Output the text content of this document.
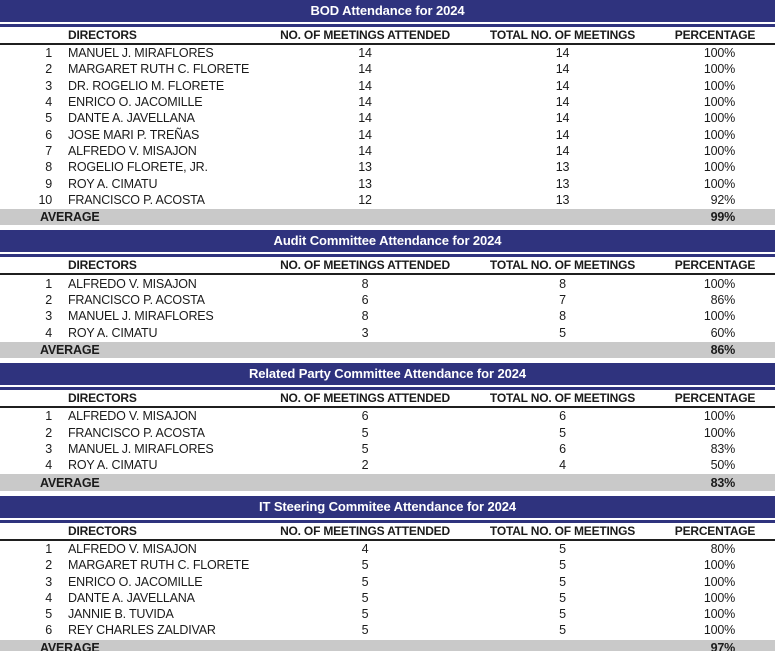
BOD Attendance for 2024
DIRECTORS	NO. OF MEETINGS ATTENDED	TOTAL NO. OF MEETINGS	PERCENTAGE
1	MANUEL J. MIRAFLORES	14	14	100%
2	MARGARET RUTH C. FLORETE	14	14	100%
3	DR. ROGELIO M. FLORETE	14	14	100%
4	ENRICO O. JACOMILLE	14	14	100%
5	DANTE A. JAVELLANA	14	14	100%
6	JOSE MARI P. TREÑAS	14	14	100%
7	ALFREDO V. MISAJON	14	14	100%
8	ROGELIO FLORETE, JR.	13	13	100%
9	ROY A. CIMATU	13	13	100%
10	FRANCISCO P. ACOSTA	12	13	92%
AVERAGE	99%
Audit Committee Attendance for 2024
DIRECTORS	NO. OF MEETINGS ATTENDED	TOTAL NO. OF MEETINGS	PERCENTAGE
1	ALFREDO V. MISAJON	8	8	100%
2	FRANCISCO P. ACOSTA	6	7	86%
3	MANUEL J. MIRAFLORES	8	8	100%
4	ROY A. CIMATU	3	5	60%
AVERAGE	86%
Related Party Committee Attendance for 2024
DIRECTORS	NO. OF MEETINGS ATTENDED	TOTAL NO. OF MEETINGS	PERCENTAGE
1	ALFREDO V. MISAJON	6	6	100%
2	FRANCISCO P. ACOSTA	5	5	100%
3	MANUEL J. MIRAFLORES	5	6	83%
4	ROY A. CIMATU	2	4	50%
AVERAGE	83%
IT Steering Commitee Attendance for 2024
DIRECTORS	NO. OF MEETINGS ATTENDED	TOTAL NO. OF MEETINGS	PERCENTAGE
1	ALFREDO V. MISAJON	4	5	80%
2	MARGARET RUTH C. FLORETE	5	5	100%
3	ENRICO O. JACOMILLE	5	5	100%
4	DANTE A. JAVELLANA	5	5	100%
5	JANNIE B. TUVIDA	5	5	100%
6	REY CHARLES ZALDIVAR	5	5	100%
AVERAGE	97%
